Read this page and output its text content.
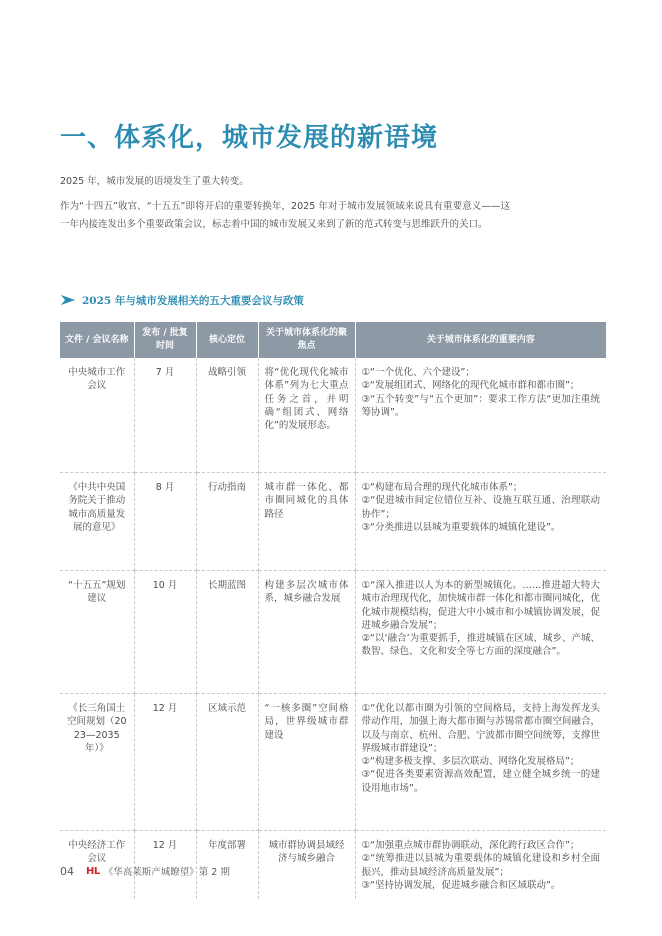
一、体系化，城市发展的新语境
2025 年，城市发展的语境发生了重大转变。
作为“十四五”收官、“十五五”即将开启的重要转换年，2025 年对于城市发展领域来说具有重要意义——这一年内接连发出多个重要政策会议，标志着中国的城市发展又来到了新的范式转变与思维跃升的关口。
2025 年与城市发展相关的五大重要会议与政策
文件 / 会议名称	发布 / 批复时间	核心定位	关于城市体系化的聚焦点	关于城市体系化的重要内容
中央城市工作会议	7 月	战略引领	将“优化现代化城市体系”列为七大重点任务之首，并明确“组团式、网络化”的发展形态。	①“一个优化、六个建设”；
②“发展组团式、网络化的现代化城市群和都市圈”；
③“五个转变”与“五个更加”：要求工作方法“更加注重统筹协调”。

《中共中央国务院关于推动城市高质量发展的意见》	8 月	行动指南	城市群一体化、都市圈同城化的具体路径	①“构建布局合理的现代化城市体系”；
②“促进城市间定位错位互补、设施互联互通、治理联动协作”；
③“分类推进以县城为重要载体的城镇化建设”。

“十五五”规划建议	10 月	长期蓝图	构建多层次城市体系，城乡融合发展	①“深入推进以人为本的新型城镇化。……推进超大特大城市治理现代化，加快城市群一体化和都市圈同城化，优化城市规模结构，促进大中小城市和小城镇协调发展，促进城乡融合发展”；
②“以‘融合’为重要抓手，推进城镇在区域、城乡、产城、数智、绿色、文化和安全等七方面的深度融合”。

《长三角国土空间规划（2023—2035 年）》	12 月	区域示范	“一核多圈”空间格局，世界级城市群建设	①“优化以都市圈为引领的空间格局，支持上海发挥龙头带动作用，加强上海大都市圈与苏锡常都市圈空间融合，以及与南京、杭州、合肥、宁波都市圈空间统筹，支撑世界级城市群建设”；
②“构建多极支撑、多层次联动、网络化发展格局”；
③“促进各类要素资源高效配置，建立健全城乡统一的建设用地市场”。

中央经济工作会议	12 月	年度部署	城市群协调县域经济与城乡融合	①“加强重点城市群协调联动，深化跨行政区合作”；
②“统筹推进以县城为重要载体的城镇化建设和乡村全面振兴，推动县域经济高质量发展”；
③“坚持协调发展，促进城乡融合和区域联动”。
04 HL 《华高莱斯产城瞭望》第 2 期
